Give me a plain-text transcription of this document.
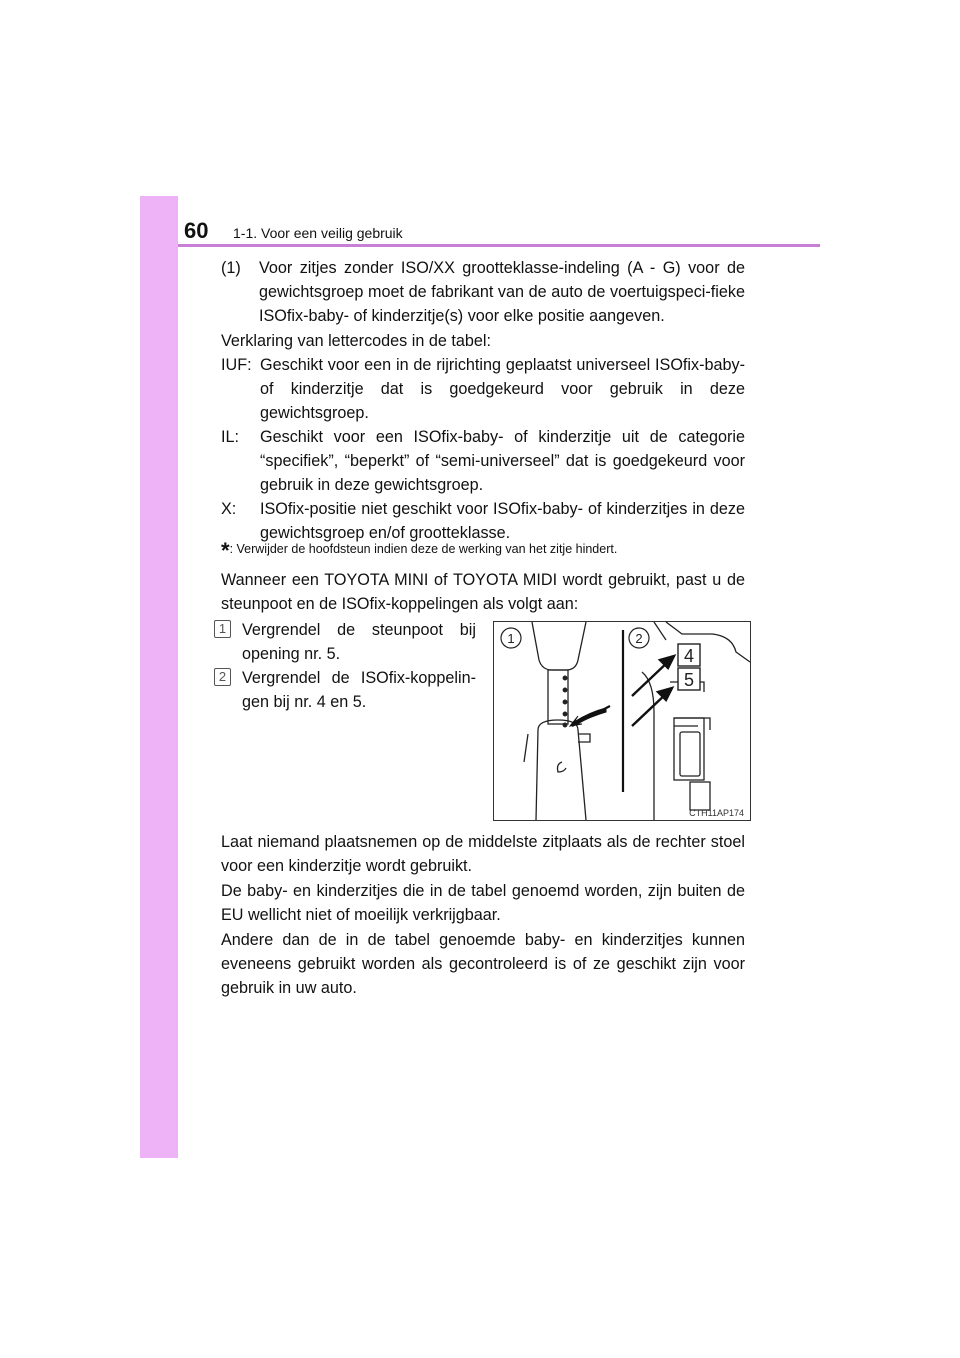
60 1-1. Voor een veilig gebruik
(1) Voor zitjes zonder ISO/XX grootteklasse-indeling (A - G) voor de gewichtsgroep moet de fabrikant van de auto de voertuigspeci-fieke ISOfix-baby- of kinderzitje(s) voor elke positie aangeven.
Verklaring van lettercodes in de tabel:
IUF: Geschikt voor een in de rijrichting geplaatst universeel ISOfix-baby- of kinderzitje dat is goedgekeurd voor gebruik in deze gewichtsgroep.
IL: Geschikt voor een ISOfix-baby- of kinderzitje uit de categorie “specifiek”, “beperkt” of “semi-universeel” dat is goedgekeurd voor gebruik in deze gewichtsgroep.
X: ISOfix-positie niet geschikt voor ISOfix-baby- of kinderzitjes in deze gewichtsgroep en/of grootteklasse.
*: Verwijder de hoofdsteun indien deze de werking van het zitje hindert.
Wanneer een TOYOTA MINI of TOYOTA MIDI wordt gebruikt, past u de steunpoot en de ISOfix-koppelingen als volgt aan:
1 Vergrendel de steunpoot bij opening nr. 5.
2 Vergrendel de ISOfix-koppelin-gen bij nr. 4 en 5.
4
5
1	2
CTH11AP174
Laat niemand plaatsnemen op de middelste zitplaats als de rechter stoel voor een kinderzitje wordt gebruikt.
De baby- en kinderzitjes die in de tabel genoemd worden, zijn buiten de EU wellicht niet of moeilijk verkrijgbaar.
Andere dan de in de tabel genoemde baby- en kinderzitjes kunnen eveneens gebruikt worden als gecontroleerd is of ze geschikt zijn voor gebruik in uw auto.
